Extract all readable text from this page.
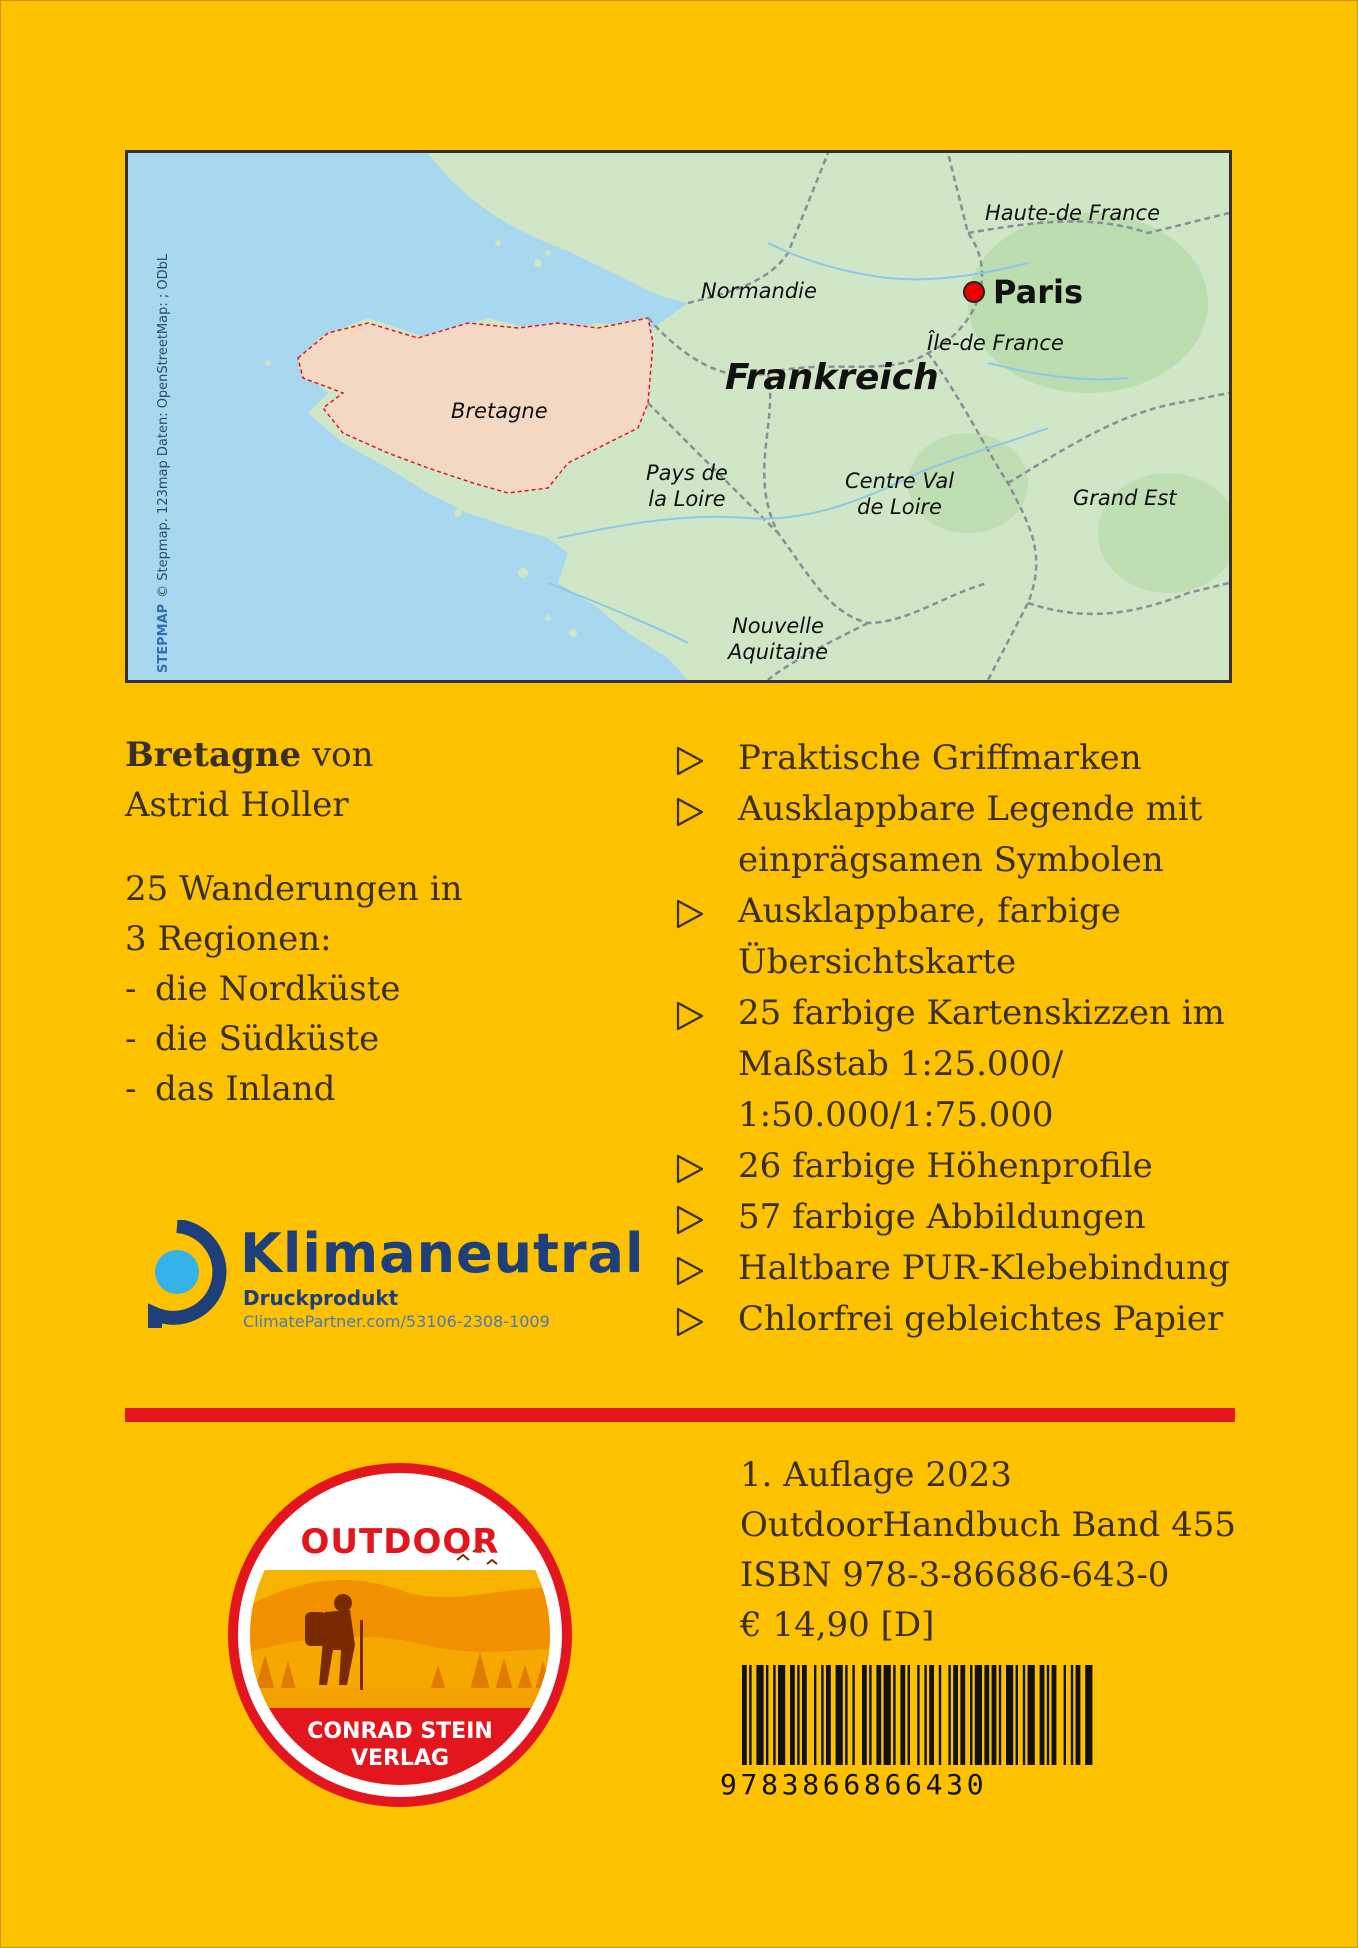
STEPMAP© Stepmap. 123map Daten: OpenStreetMap: ; ODbL
Haute-de France
Normandie	Paris
Île-de France
Frankreich
Bretagne
Pays de
la Loire
Centre Val
de Loire	Grand Est
Nouvelle
Aquitaine
Bretagne von
Astrid Holler
25 Wanderungen in
3 Regionen:
- die Nordküste
- die Südküste
- das Inland
Praktische Griffmarken
Ausklappbare Legende mit
einprägsamen Symbolen
Ausklappbare, farbige
Übersichtskarte
25 farbige Kartenskizzen im
Maßstab 1:25.000/
1:50.000/1:75.000
26 farbige Höhenprofile
57 farbige Abbildungen
Haltbare PUR-Klebebindung
Chlorfrei gebleichtes Papier
Klimaneutral
Druckprodukt
ClimatePartner.com/53106-2308-1009
OUTDOOR
CONRAD STEIN
VERLAG
1. Auflage 2023
OutdoorHandbuch Band 455
ISBN 978-3-86686-643-0
€ 14,90 [D]
9783866866430
